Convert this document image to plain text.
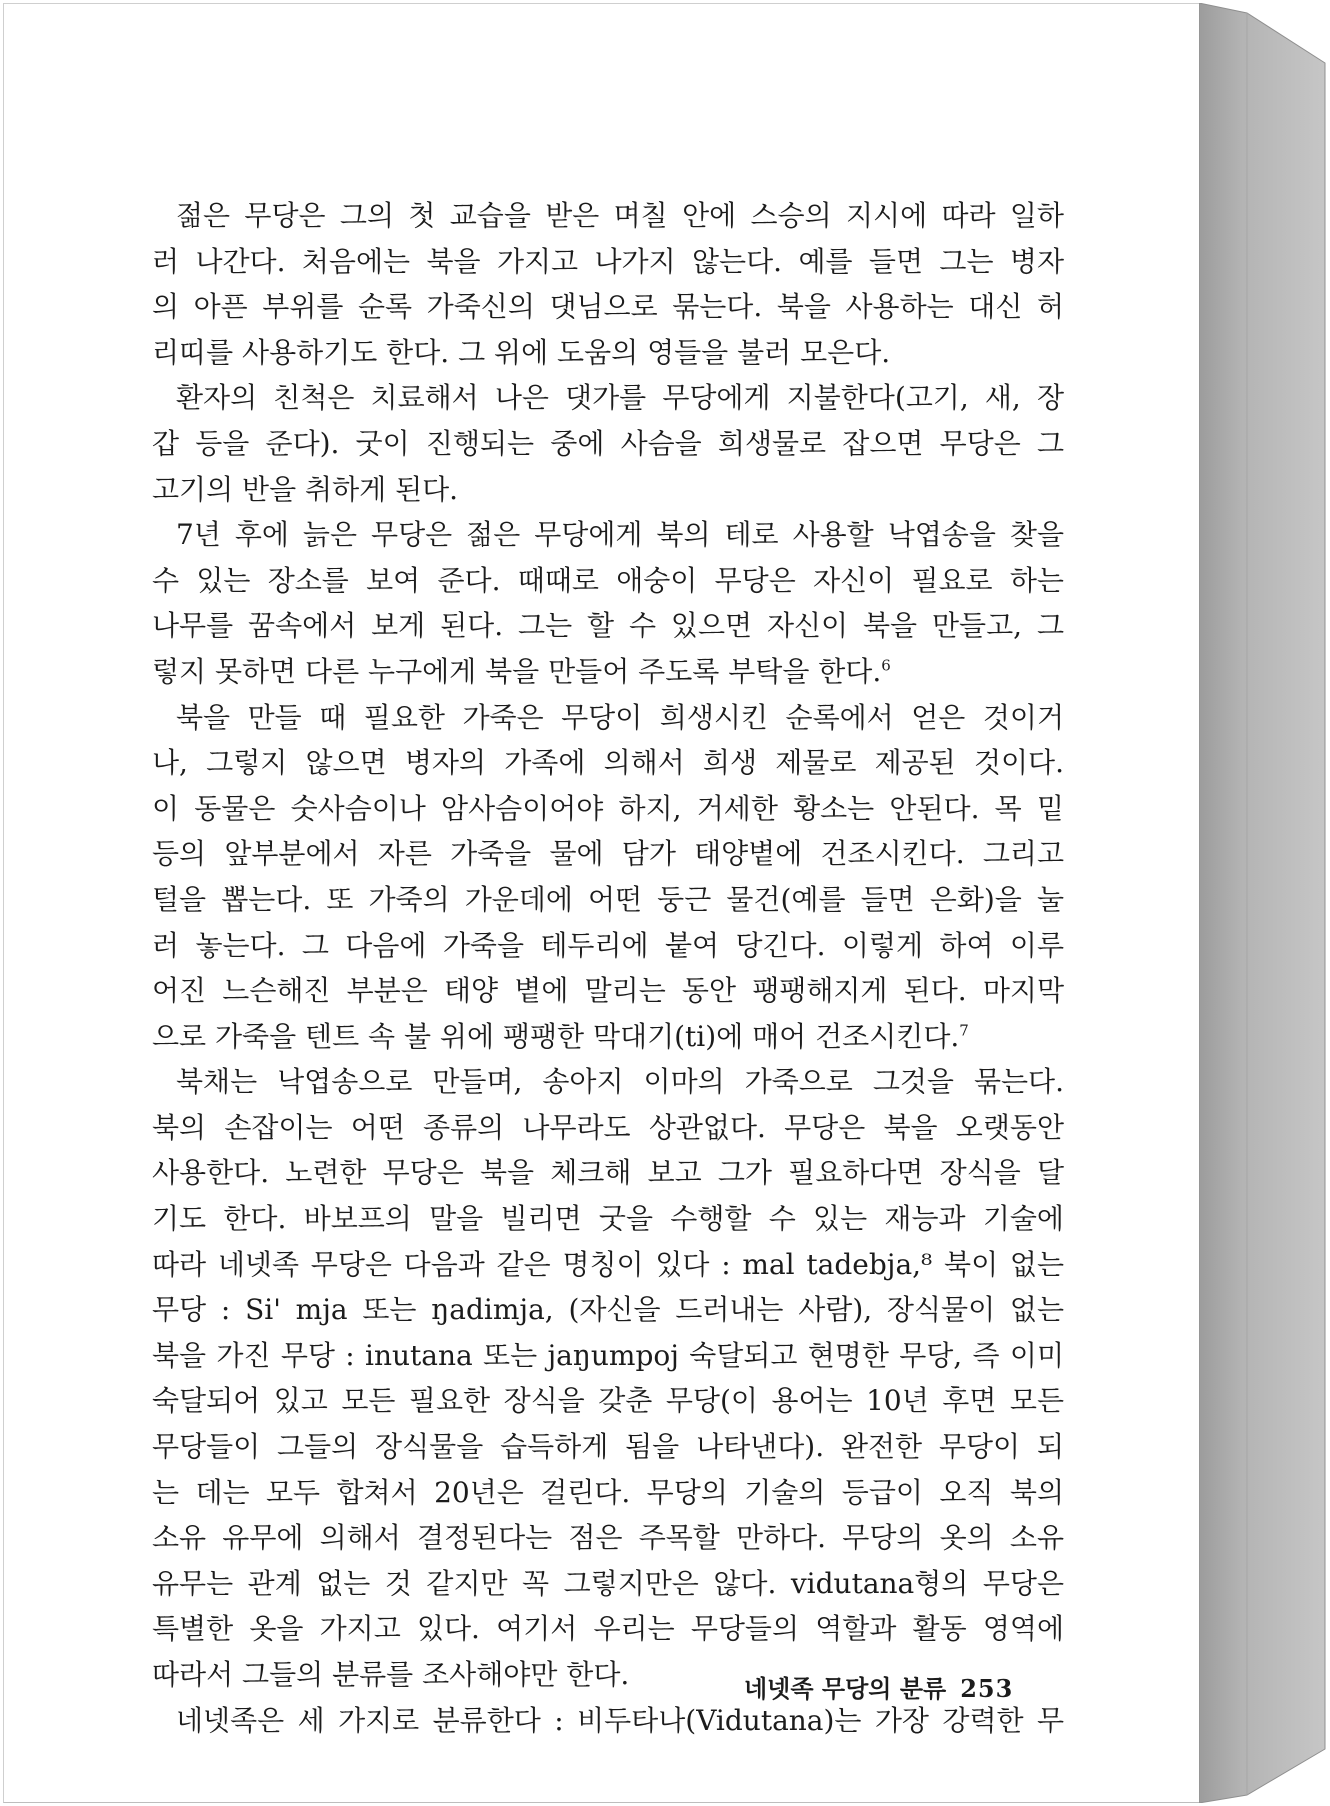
젊은 무당은 그의 첫 교습을 받은 며칠 안에 스승의 지시에 따라 일하
러 나간다. 처음에는 북을 가지고 나가지 않는다. 예를 들면 그는 병자
의 아픈 부위를 순록 가죽신의 댓님으로 묶는다. 북을 사용하는 대신 허
리띠를 사용하기도 한다. 그 위에 도움의 영들을 불러 모은다.
환자의 친척은 치료해서 나은 댓가를 무당에게 지불한다(고기, 새, 장
갑 등을 준다). 굿이 진행되는 중에 사슴을 희생물로 잡으면 무당은 그
고기의 반을 취하게 된다.
7년 후에 늙은 무당은 젊은 무당에게 북의 테로 사용할 낙엽송을 찾을
수 있는 장소를 보여 준다. 때때로 애숭이 무당은 자신이 필요로 하는
나무를 꿈속에서 보게 된다. 그는 할 수 있으면 자신이 북을 만들고, 그
렇지 못하면 다른 누구에게 북을 만들어 주도록 부탁을 한다.$^6$
북을 만들 때 필요한 가죽은 무당이 희생시킨 순록에서 얻은 것이거
나, 그렇지 않으면 병자의 가족에 의해서 희생 제물로 제공된 것이다.
이 동물은 숫사슴이나 암사슴이어야 하지, 거세한 황소는 안된다. 목 밑
등의 앞부분에서 자른 가죽을 물에 담가 태양볕에 건조시킨다. 그리고
털을 뽑는다. 또 가죽의 가운데에 어떤 둥근 물건(예를 들면 은화)을 눌
러 놓는다. 그 다음에 가죽을 테두리에 붙여 당긴다. 이렇게 하여 이루
어진 느슨해진 부분은 태양 볕에 말리는 동안 팽팽해지게 된다. 마지막
으로 가죽을 텐트 속 불 위에 팽팽한 막대기(ti)에 매어 건조시킨다.$^7$
북채는 낙엽송으로 만들며, 송아지 이마의 가죽으로 그것을 묶는다.
북의 손잡이는 어떤 종류의 나무라도 상관없다. 무당은 북을 오랫동안
사용한다. 노련한 무당은 북을 체크해 보고 그가 필요하다면 장식을 달
기도 한다. 바보프의 말을 빌리면 굿을 수행할 수 있는 재능과 기술에
따라 네넷족 무당은 다음과 같은 명칭이 있다 : mal tadebja,⁸ 북이 없는
무당 : Si' mja 또는 ŋadimja, (자신을 드러내는 사람), 장식물이 없는
북을 가진 무당 : inutana 또는 jaŋumpoj 숙달되고 현명한 무당, 즉 이미
숙달되어 있고 모든 필요한 장식을 갖춘 무당(이 용어는 10년 후면 모든
무당들이 그들의 장식물을 습득하게 됨을 나타낸다). 완전한 무당이 되
는 데는 모두 합쳐서 20년은 걸린다. 무당의 기술의 등급이 오직 북의
소유 유무에 의해서 결정된다는 점은 주목할 만하다. 무당의 옷의 소유
유무는 관계 없는 것 같지만 꼭 그렇지만은 않다. vidutana형의 무당은
특별한 옷을 가지고 있다. 여기서 우리는 무당들의 역할과 활동 영역에
따라서 그들의 분류를 조사해야만 한다.
네넷족은 세 가지로 분류한다 : 비두타나(Vidutana)는 가장 강력한 무
네넷족 무당의 분류 253
